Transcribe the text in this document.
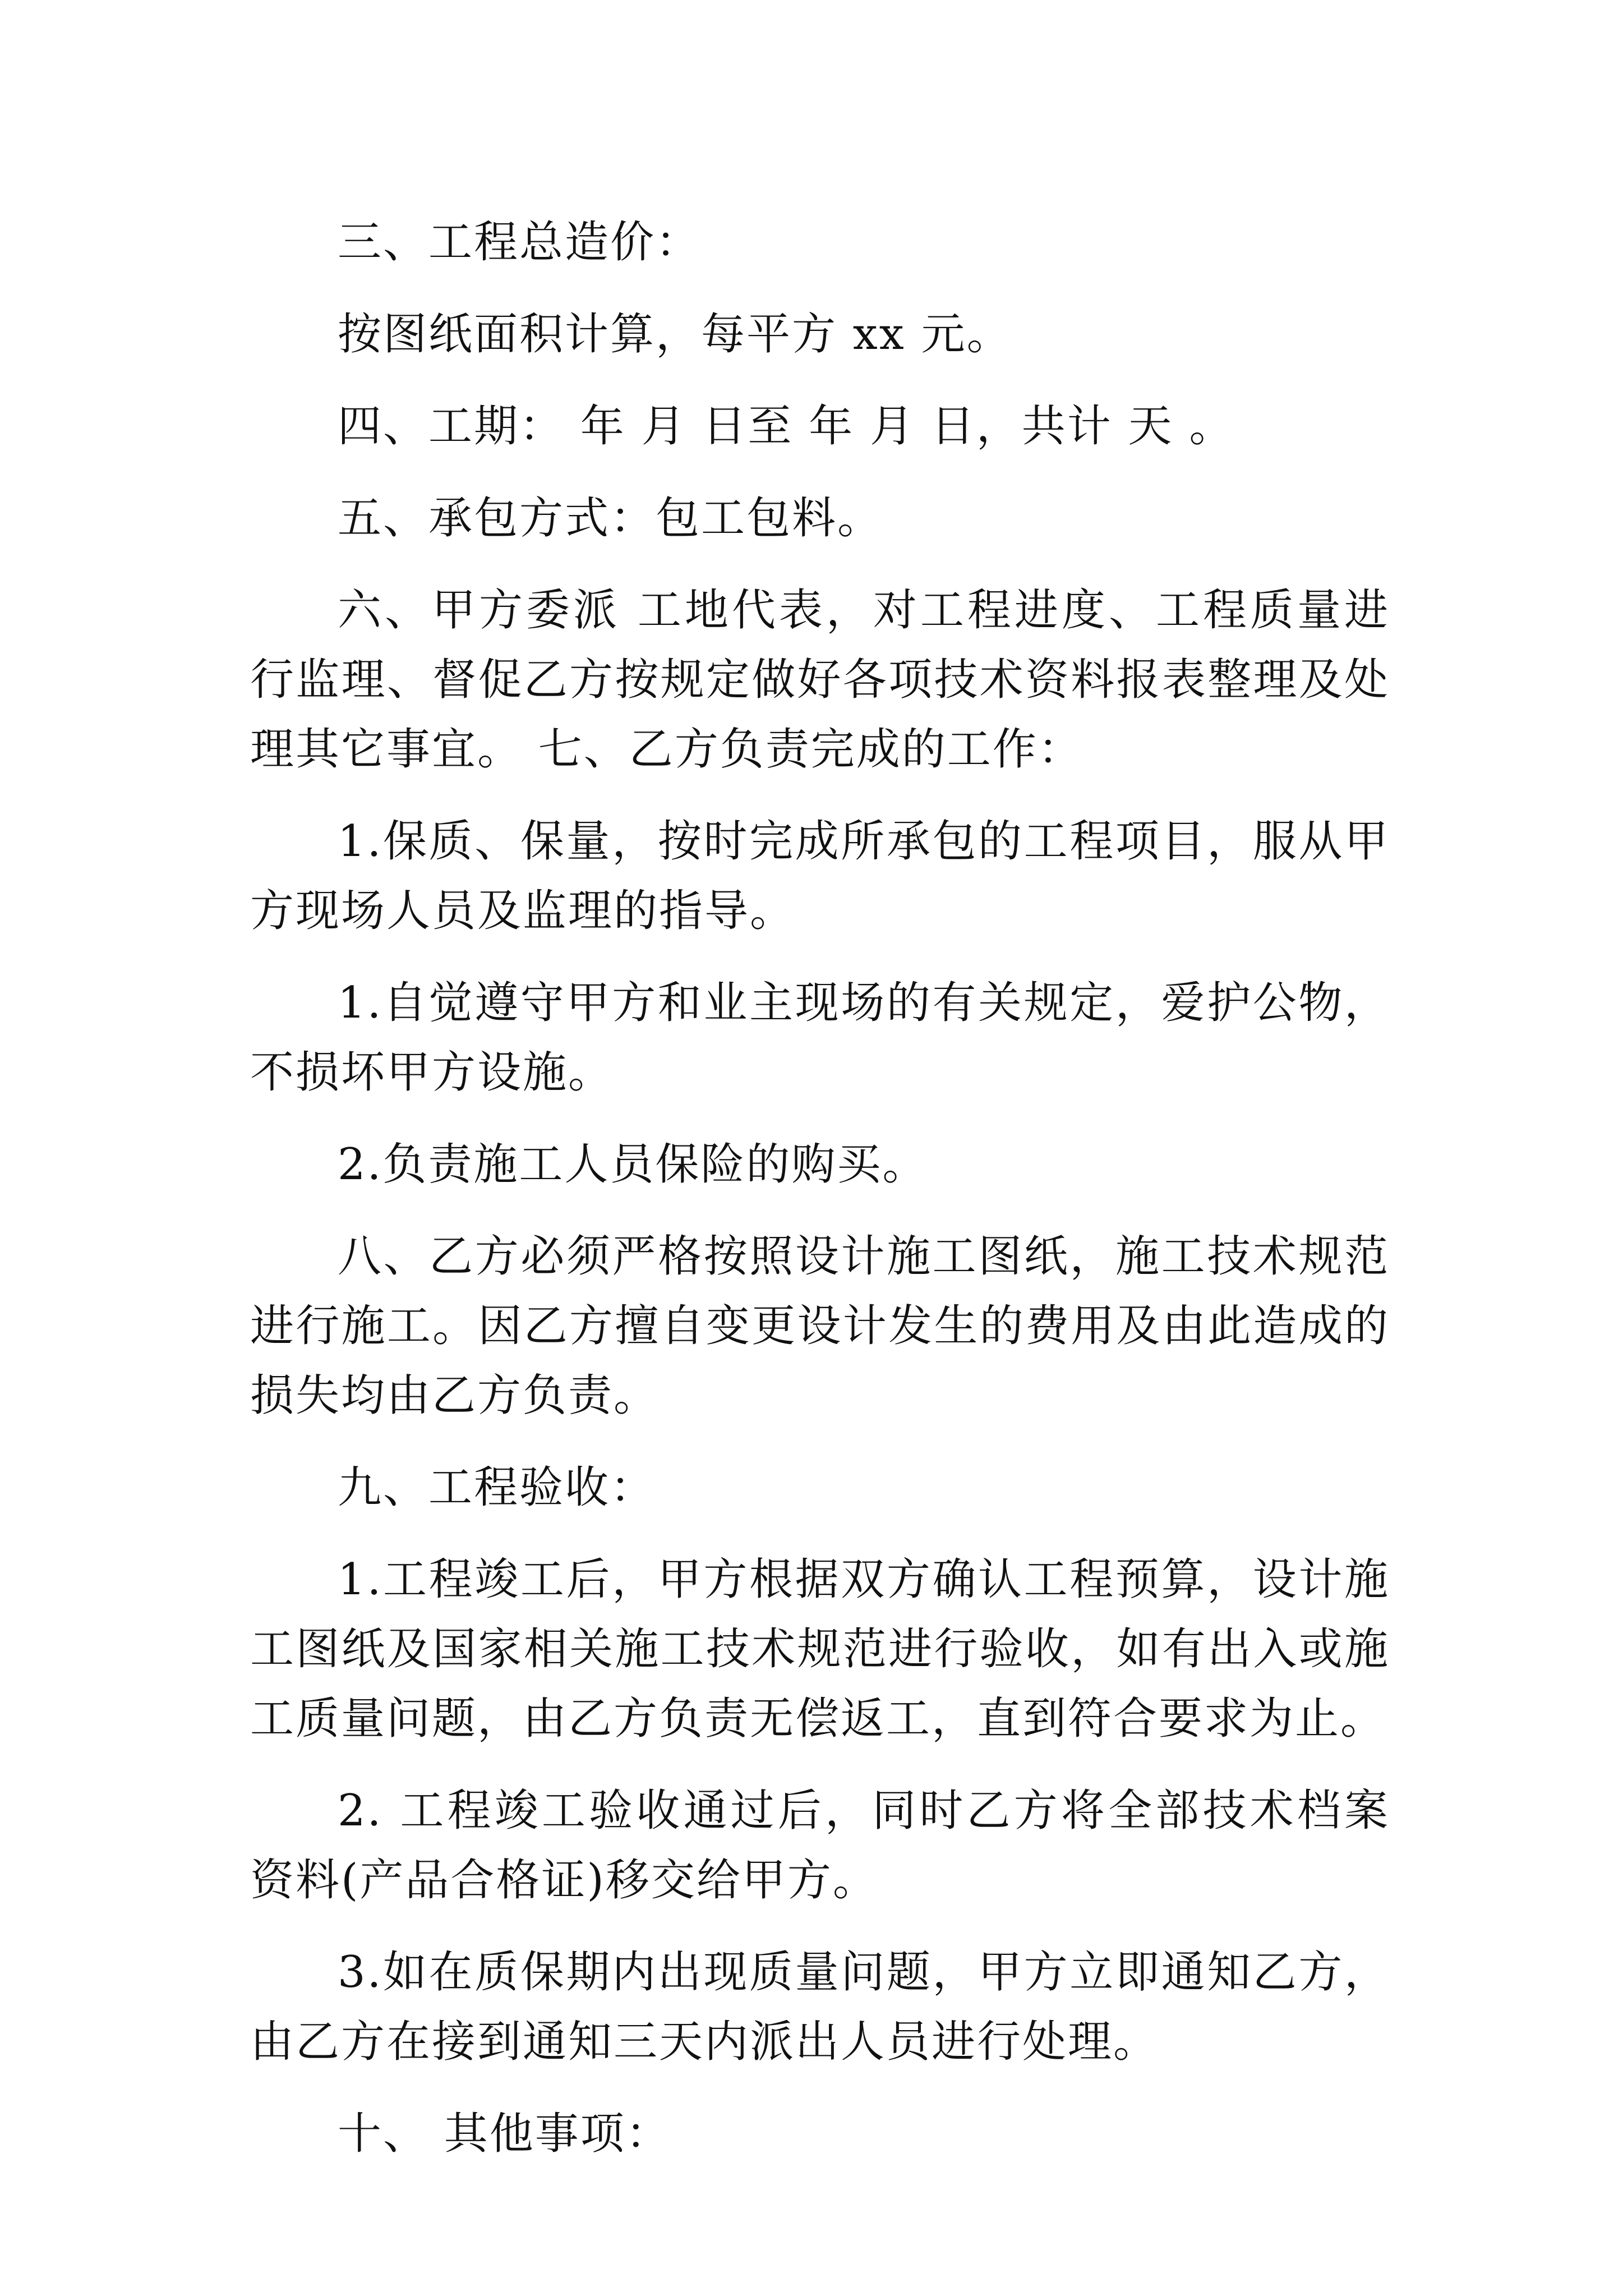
三、工程总造价：

按图纸面积计算，每平方 xx 元。

四、工期： 年 月 日至 年 月 日，共计 天 。

五、承包方式：包工包料。

六、甲方委派 工地代表，对工程进度、工程质量进行监理、督促乙方按规定做好各项技术资料报表整理及处理其它事宜。 七、乙方负责完成的工作：

1.保质、保量，按时完成所承包的工程项目，服从甲方现场人员及监理的指导。

1.自觉遵守甲方和业主现场的有关规定，爱护公物，不损坏甲方设施。

2.负责施工人员保险的购买。

八、乙方必须严格按照设计施工图纸，施工技术规范进行施工。因乙方擅自变更设计发生的费用及由此造成的损失均由乙方负责。

九、工程验收：

1.工程竣工后，甲方根据双方确认工程预算，设计施工图纸及国家相关施工技术规范进行验收，如有出入或施工质量问题，由乙方负责无偿返工，直到符合要求为止。

2. 工程竣工验收通过后，同时乙方将全部技术档案资料(产品合格证)移交给甲方。

3.如在质保期内出现质量问题，甲方立即通知乙方，由乙方在接到通知三天内派出人员进行处理。

十、 其他事项：
